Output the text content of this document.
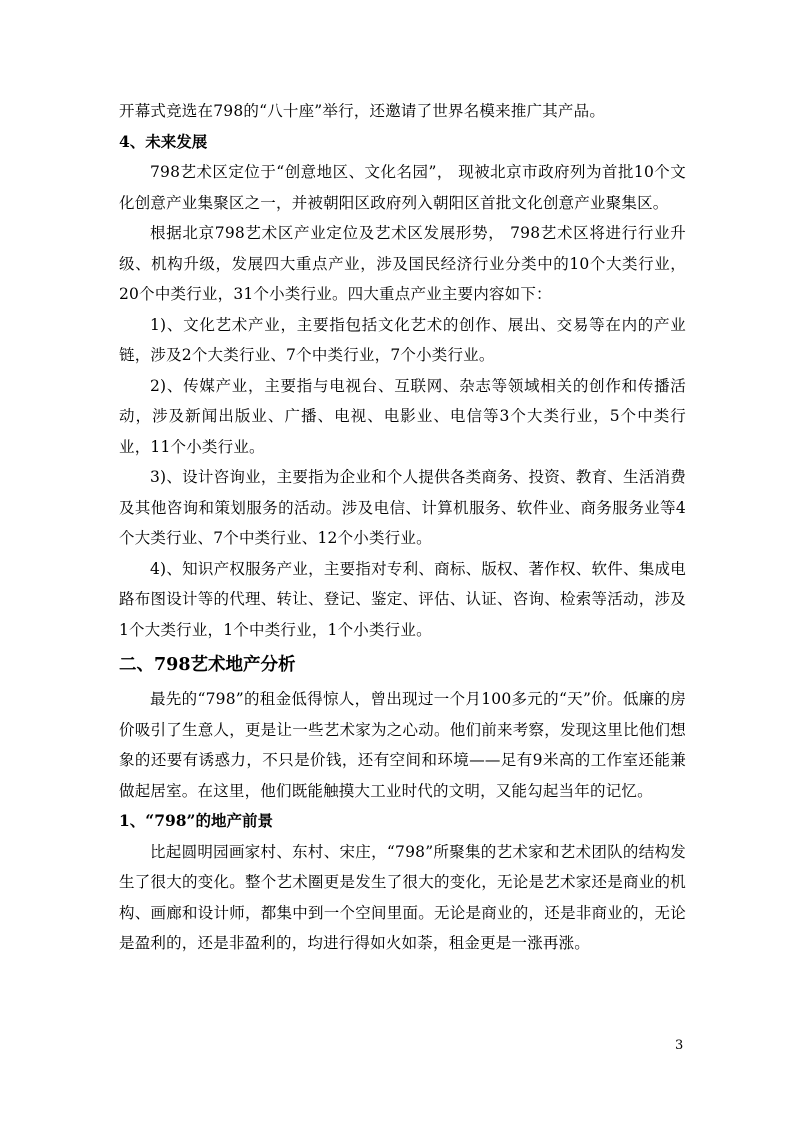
开幕式竞选在798的“八十座”举行，还邀请了世界名模来推广其产品。

4、未来发展

798艺术区定位于“创意地区、文化名园”， 现被北京市政府列为首批10个文化创意产业集聚区之一，并被朝阳区政府列入朝阳区首批文化创意产业聚集区。

根据北京798艺术区产业定位及艺术区发展形势， 798艺术区将进行行业升级、机构升级，发展四大重点产业，涉及国民经济行业分类中的10个大类行业，20个中类行业，31个小类行业。四大重点产业主要内容如下：

1)、文化艺术产业，主要指包括文化艺术的创作、展出、交易等在内的产业链，涉及2个大类行业、7个中类行业，7个小类行业。

2)、传媒产业，主要指与电视台、互联网、杂志等领域相关的创作和传播活动，涉及新闻出版业、广播、电视、电影业、电信等3个大类行业，5个中类行业，11个小类行业。

3)、设计咨询业，主要指为企业和个人提供各类商务、投资、教育、生活消费及其他咨询和策划服务的活动。涉及电信、计算机服务、软件业、商务服务业等4个大类行业、7个中类行业、12个小类行业。

4)、知识产权服务产业，主要指对专利、商标、版权、著作权、软件、集成电路布图设计等的代理、转让、登记、鉴定、评估、认证、咨询、检索等活动，涉及1个大类行业，1个中类行业，1个小类行业。

二、798艺术地产分析

最先的“798”的租金低得惊人，曾出现过一个月100多元的“天”价。低廉的房价吸引了生意人，更是让一些艺术家为之心动。他们前来考察，发现这里比他们想象的还要有诱惑力，不只是价钱，还有空间和环境——足有9米高的工作室还能兼做起居室。在这里，他们既能触摸大工业时代的文明，又能勾起当年的记忆。

1、“798”的地产前景

比起圆明园画家村、东村、宋庄，“798”所聚集的艺术家和艺术团队的结构发生了很大的变化。整个艺术圈更是发生了很大的变化，无论是艺术家还是商业的机构、画廊和设计师，都集中到一个空间里面。无论是商业的，还是非商业的，无论是盈利的，还是非盈利的，均进行得如火如荼，租金更是一涨再涨。

3
